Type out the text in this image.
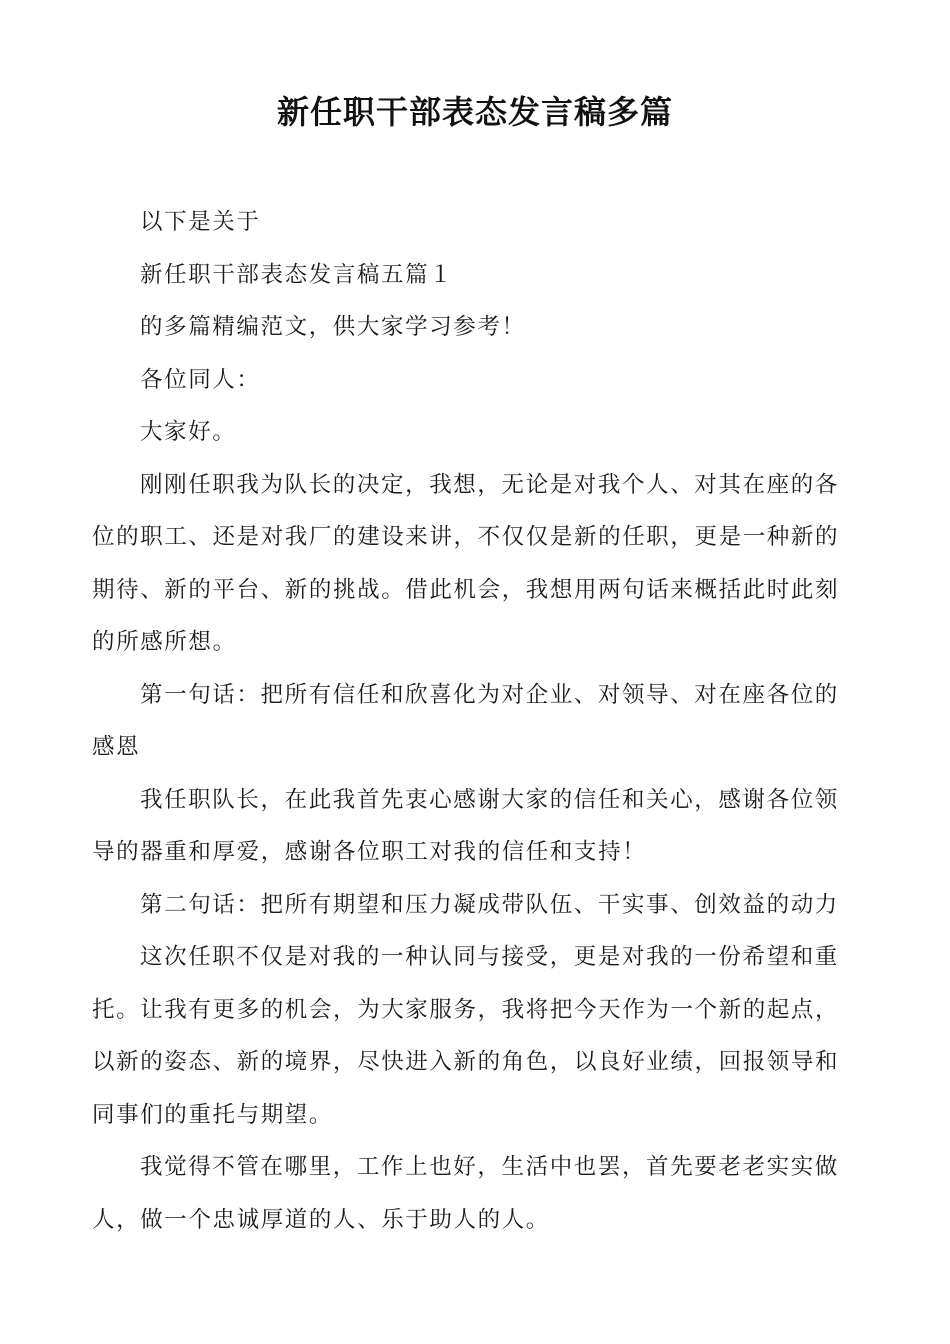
新任职干部表态发言稿多篇

以下是关于

新任职干部表态发言稿五篇１

的多篇精编范文，供大家学习参考！

各位同人：

大家好。

刚刚任职我为队长的决定，我想，无论是对我个人、对其在座的各位的职工、还是对我厂的建设来讲，不仅仅是新的任职，更是一种新的期待、新的平台、新的挑战。借此机会，我想用两句话来概括此时此刻的所感所想。

第一句话：把所有信任和欣喜化为对企业、对领导、对在座各位的感恩

我任职队长，在此我首先衷心感谢大家的信任和关心，感谢各位领导的器重和厚爱，感谢各位职工对我的信任和支持！

第二句话：把所有期望和压力凝成带队伍、干实事、创效益的动力

这次任职不仅是对我的一种认同与接受，更是对我的一份希望和重托。让我有更多的机会，为大家服务，我将把今天作为一个新的起点，以新的姿态、新的境界，尽快进入新的角色，以良好业绩，回报领导和同事们的重托与期望。

我觉得不管在哪里，工作上也好，生活中也罢，首先要老老实实做人，做一个忠诚厚道的人、乐于助人的人。
